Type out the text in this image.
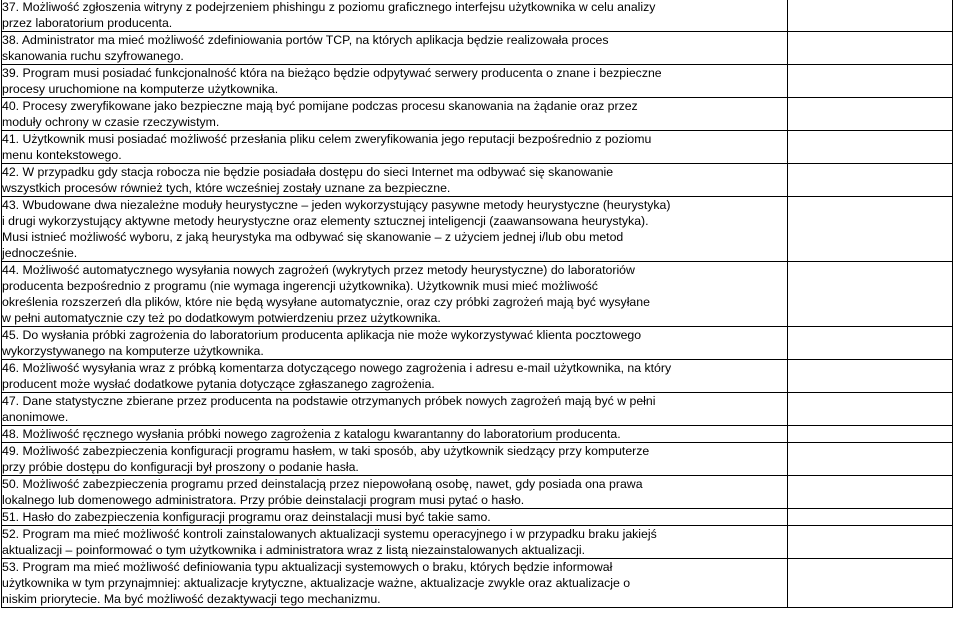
37. Możliwość zgłoszenia witryny z podejrzeniem phishingu z poziomu graficznego interfejsu użytkownika w celu analizy
przez laboratorium producenta.	

38. Administrator ma mieć możliwość zdefiniowania portów TCP, na których aplikacja będzie realizowała proces
skanowania ruchu szyfrowanego.	

39. Program musi posiadać funkcjonalność która na bieżąco będzie odpytywać serwery producenta o znane i bezpieczne
procesy uruchomione na komputerze użytkownika.	

40. Procesy zweryfikowane jako bezpieczne mają być pomijane podczas procesu skanowania na żądanie oraz przez
moduły ochrony w czasie rzeczywistym.	

41. Użytkownik musi posiadać możliwość przesłania pliku celem zweryfikowania jego reputacji bezpośrednio z poziomu
menu kontekstowego.	

42. W przypadku gdy stacja robocza nie będzie posiadała dostępu do sieci Internet ma odbywać się skanowanie
wszystkich procesów również tych, które wcześniej zostały uznane za bezpieczne.	

43. Wbudowane dwa niezależne moduły heurystyczne – jeden wykorzystujący pasywne metody heurystyczne (heurystyka)
i drugi wykorzystujący aktywne metody heurystyczne oraz elementy sztucznej inteligencji (zaawansowana heurystyka).
Musi istnieć możliwość wyboru, z jaką heurystyka ma odbywać się skanowanie – z użyciem jednej i/lub obu metod
jednocześnie.	

44. Możliwość automatycznego wysyłania nowych zagrożeń (wykrytych przez metody heurystyczne) do laboratoriów
producenta bezpośrednio z programu (nie wymaga ingerencji użytkownika). Użytkownik musi mieć możliwość
określenia rozszerzeń dla plików, które nie będą wysyłane automatycznie, oraz czy próbki zagrożeń mają być wysyłane
w pełni automatycznie czy też po dodatkowym potwierdzeniu przez użytkownika.	

45. Do wysłania próbki zagrożenia do laboratorium producenta aplikacja nie może wykorzystywać klienta pocztowego
wykorzystywanego na komputerze użytkownika.	

46. Możliwość wysyłania wraz z próbką komentarza dotyczącego nowego zagrożenia i adresu e-mail użytkownika, na który
producent może wysłać dodatkowe pytania dotyczące zgłaszanego zagrożenia.	

47. Dane statystyczne zbierane przez producenta na podstawie otrzymanych próbek nowych zagrożeń mają być w pełni
anonimowe.	

48. Możliwość ręcznego wysłania próbki nowego zagrożenia z katalogu kwarantanny do laboratorium producenta.	

49. Możliwość zabezpieczenia konfiguracji programu hasłem, w taki sposób, aby użytkownik siedzący przy komputerze
przy próbie dostępu do konfiguracji był proszony o podanie hasła.	

50. Możliwość zabezpieczenia programu przed deinstalacją przez niepowołaną osobę, nawet, gdy posiada ona prawa
lokalnego lub domenowego administratora. Przy próbie deinstalacji program musi pytać o hasło.	

51. Hasło do zabezpieczenia konfiguracji programu oraz deinstalacji musi być takie samo.	

52. Program ma mieć możliwość kontroli zainstalowanych aktualizacji systemu operacyjnego i w przypadku braku jakiejś
aktualizacji – poinformować o tym użytkownika i administratora wraz z listą niezainstalowanych aktualizacji.	

53. Program ma mieć możliwość definiowania typu aktualizacji systemowych o braku, których będzie informował
użytkownika w tym przynajmniej: aktualizacje krytyczne, aktualizacje ważne, aktualizacje zwykle oraz aktualizacje o
niskim priorytecie. Ma być możliwość dezaktywacji tego mechanizmu.	
